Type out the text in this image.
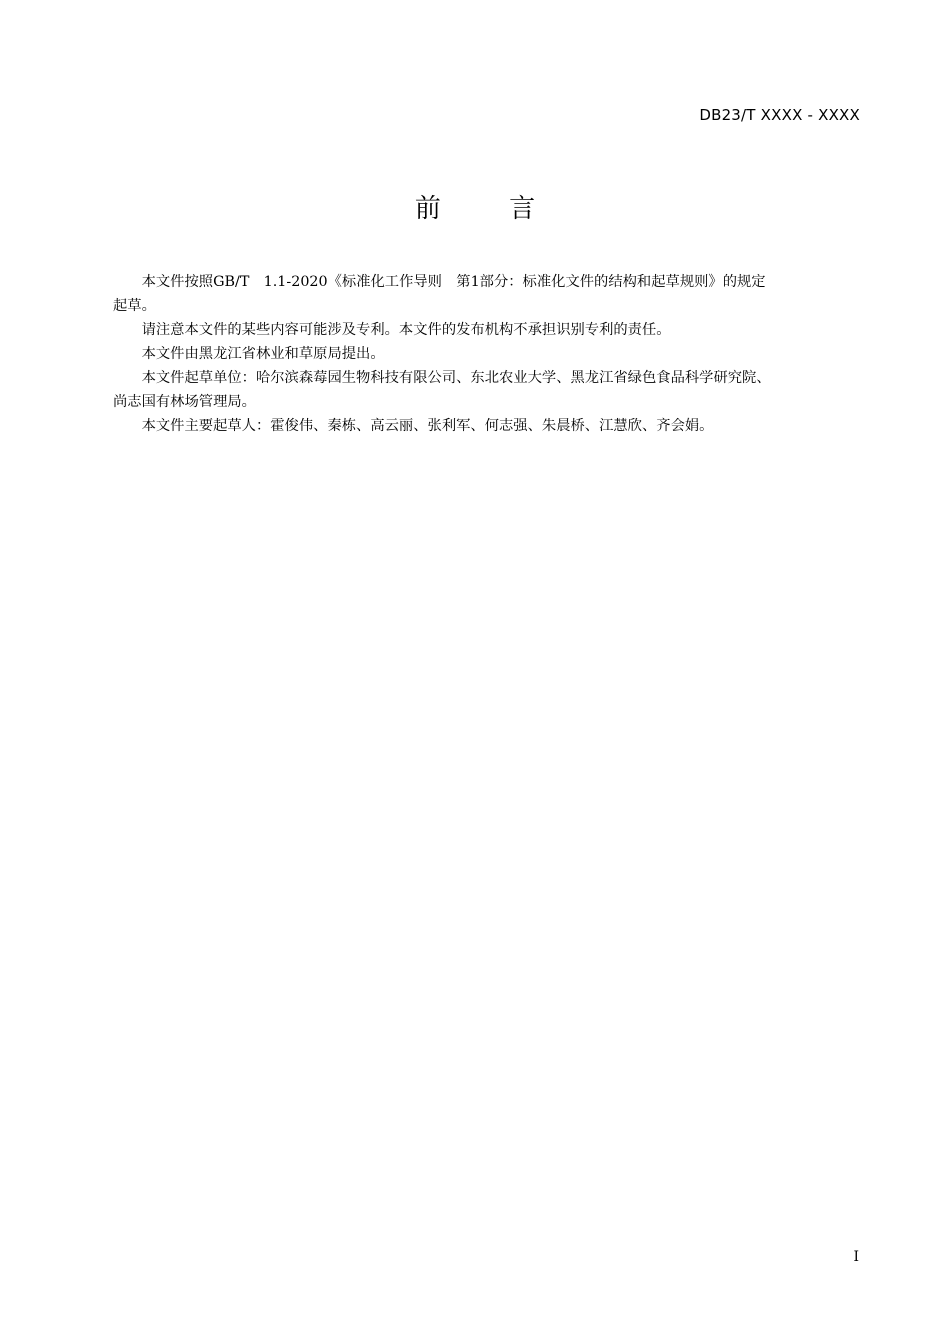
DB23/T XXXX - XXXX
前 言
本文件按照GB/T　1.1-2020《标准化工作导则　第1部分：标准化文件的结构和起草规则》的规定
起草。
请注意本文件的某些内容可能涉及专利。本文件的发布机构不承担识别专利的责任。
本文件由黑龙江省林业和草原局提出。
本文件起草单位：哈尔滨森莓园生物科技有限公司、东北农业大学、黑龙江省绿色食品科学研究院、
尚志国有林场管理局。
本文件主要起草人：霍俊伟、秦栋、高云丽、张利军、何志强、朱晨桥、江慧欣、齐会娟。
I
